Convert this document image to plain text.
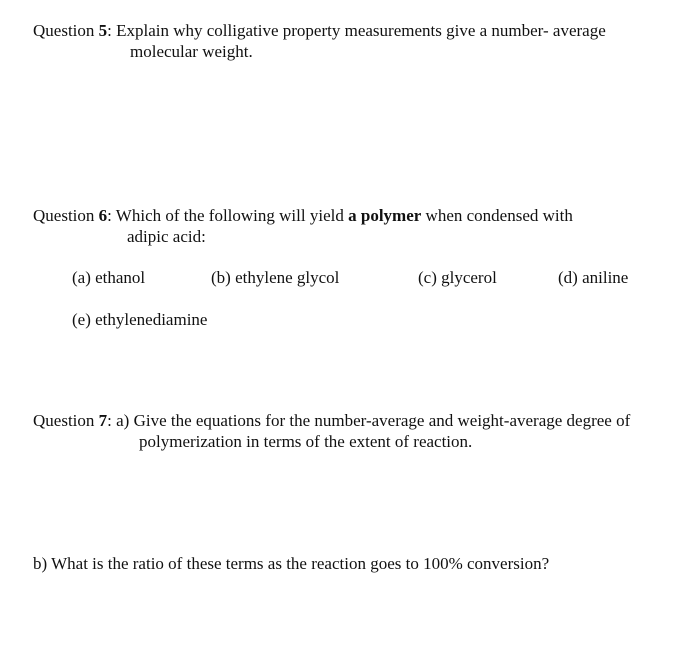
Question 5: Explain why colligative property measurements give a number- average
molecular weight.
Question 6: Which of the following will yield a polymer when condensed with
adipic acid:
(a) ethanol	(b) ethylene glycol	(c) glycerol	(d) aniline
(e) ethylenediamine
Question 7: a) Give the equations for the number-average and weight-average degree of
polymerization in terms of the extent of reaction.
b) What is the ratio of these terms as the reaction goes to 100% conversion?
